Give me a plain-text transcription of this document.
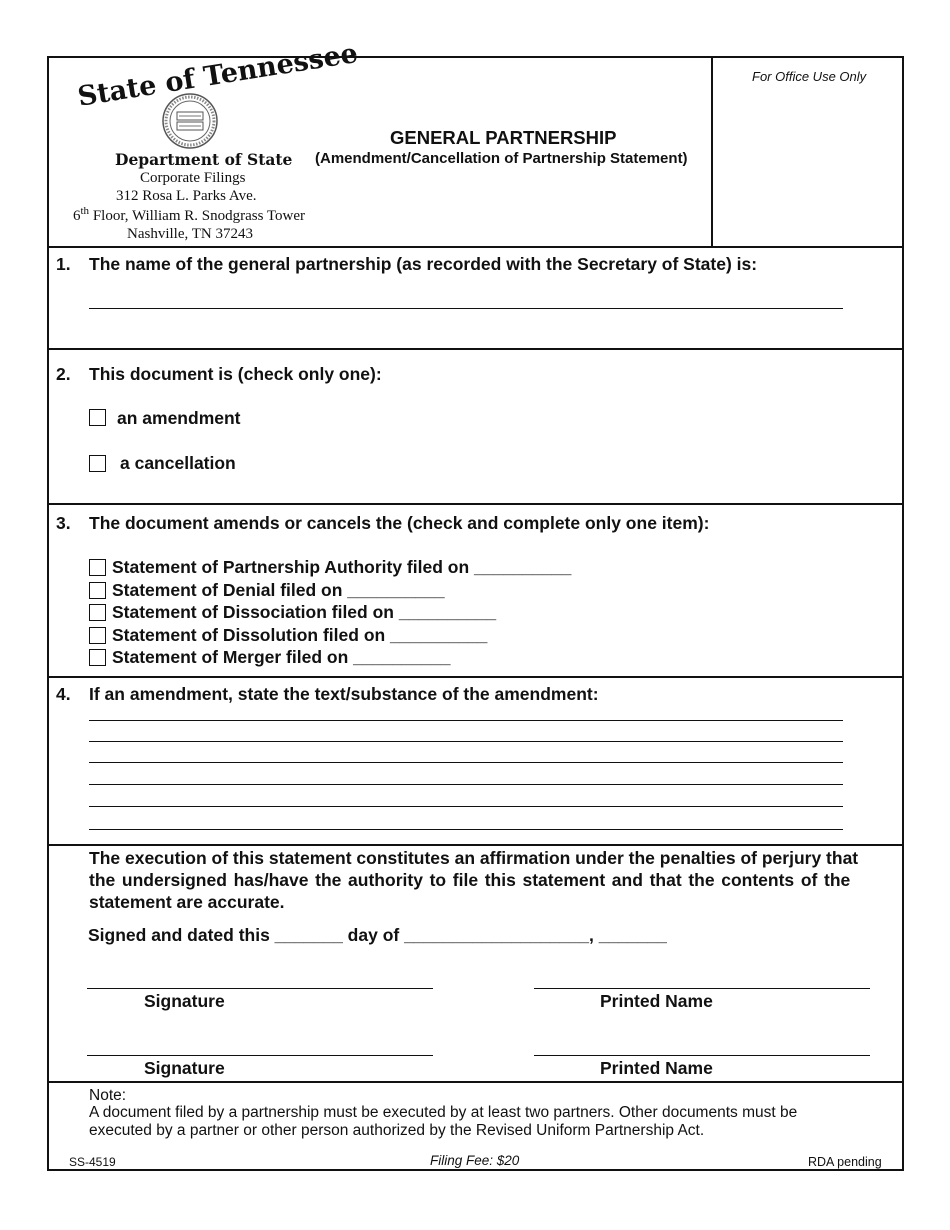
State of Tennessee
Department of State
Corporate Filings
312 Rosa L. Parks Ave.
6th Floor, William R. Snodgrass Tower
Nashville, TN 37243
GENERAL PARTNERSHIP
(Amendment/Cancellation of Partnership Statement)
For Office Use Only
1. The name of the general partnership (as recorded with the Secretary of State) is:
2. This document is (check only one):
an amendment
a cancellation
3. The document amends or cancels the (check and complete only one item):
Statement of Partnership Authority filed on __________
Statement of Denial filed on __________
Statement of Dissociation filed on __________
Statement of Dissolution filed on __________
Statement of Merger filed on __________
4. If an amendment, state the text/substance of the amendment:
The execution of this statement constitutes an affirmation under the penalties of perjury that
the undersigned has/have the authority to file this statement and that the contents of the
statement are accurate.
Signed and dated this _______ day of ___________________, _______
Signature	Printed Name
Signature	Printed Name
Note:
A document filed by a partnership must be executed by at least two partners. Other documents must be
executed by a partner or other person authorized by the Revised Uniform Partnership Act.
SS-4519	Filing Fee: $20	RDA pending
